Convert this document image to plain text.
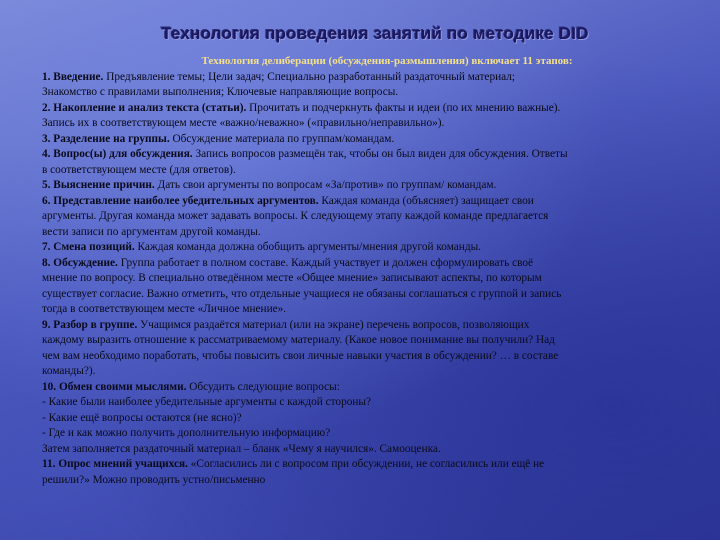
Технология проведения занятий по методике DID
Технология делиберации (обсуждения-размышления) включает 11 этапов:
1. Введение. Предъявление темы; Цели задач; Специально разработанный раздаточный материал;
Знакомство с правилами выполнения; Ключевые направляющие вопросы.
2. Накопление и анализ текста (статьи). Прочитать и подчеркнуть факты и идеи (по их мнению важные).
Запись их в соответствующем месте «важно/неважно» («правильно/неправильно»).
3. Разделение на группы. Обсуждение материала по группам/командам.
4. Вопрос(ы) для обсуждения. Запись вопросов размещён так, чтобы он был виден для обсуждения. Ответы
в соответствующем месте (для ответов).
5. Выяснение причин. Дать свои аргументы по вопросам «За/против» по группам/ командам.
6. Представление наиболее убедительных аргументов. Каждая команда (объясняет) защищает свои
аргументы. Другая команда может задавать вопросы. К следующему этапу каждой команде предлагается
вести записи по аргументам другой команды.
7. Смена позиций. Каждая команда должна обобщить аргументы/мнения другой команды.
8. Обсуждение. Группа работает в полном составе. Каждый участвует и должен сформулировать своё
мнение по вопросу. В специально отведённом месте «Общее мнение» записывают аспекты, по которым
существует согласие. Важно отметить, что отдельные учащиеся не обязаны соглашаться с группой и запись
тогда в соответствующем месте «Личное мнение».
9. Разбор в группе. Учащимся раздаётся материал (или на экране) перечень вопросов, позволяющих
каждому выразить отношение к рассматриваемому материалу. (Какое новое понимание вы получили? Над
чем вам необходимо поработать, чтобы повысить свои личные навыки участия в обсуждении? … в составе
команды?).
10. Обмен своими мыслями. Обсудить следующие вопросы:
- Какие были наиболее убедительные аргументы с каждой стороны?
- Какие ещё вопросы остаются (не ясно)?
- Где и как можно получить дополнительную информацию?
Затем заполняется раздаточный материал – бланк «Чему я научился». Самооценка.
11. Опрос мнений учащихся. «Согласились ли с вопросом при обсуждении, не согласились или ещё не
решили?» Можно проводить устно/письменно
